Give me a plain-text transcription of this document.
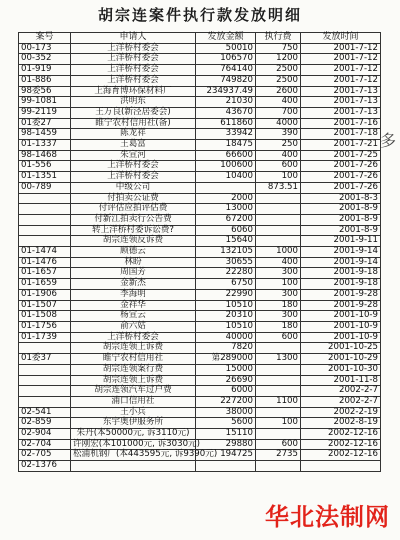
胡宗连案件执行款发放明细
案号	申请人	发放金额	执行费	发放时间
00-173	上洋桥村委会	50010	750	2001-7-12
00-352	上洋桥村委会	106570	1200	2001-7-12
01-919	上洋桥村委会	764140	2500	2001-7-12
01-886	上洋桥村委会	749820	2500	2001-7-12
98委56	上海育博环保材料厂	234937.49	2600	2001-7-13
99-1081	洪明东	21030	400	2001-7-13
99-2119	王万良(新泾居委会)	43670	700	2001-7-13
01委27	睢宁农村信用社(备)	611860	4000	2001-7-16
98-1459	陈龙祥	33942	390	2001-7-18
01-1337	王葛富	18475	250	2001-7-21
98-1468	朱宣河	66600	400	2001-7-25
01-556	上洋桥村委会	100600	600	2001-7-26
01-1351	上洋桥村委会	10400	100	2001-7-26
00-789	中级公司		873.51	2001-7-26
	付拍卖公证费	2000		2001-8-3
	付评估应拍评估费	13000		2001-8-9
	付新江拍卖行公告费	67200		2001-8-9
	转上洋桥村委诉讼费?	6060		2001-8-9
	胡宗连领反诉费	15640		2001-9-11
01-1474	顾德云	132105	1000	2001-9-14
01-1476	林盼	30655	400	2001-9-14
01-1657	周国芳	22280	300	2001-9-18
01-1659	金新杰	6750	100	2001-9-18
01-1906	李海明	22990	300	2001-9-28
01-1507	金祥华	10510	180	2001-9-28
01-1508	杨宣云	20310	300	2001-10-9
01-1756	俞六姑	10510	180	2001-10-9
01-1739	上洋桥村委会	40000	600	2001-10-9
	胡宗连领上诉费	7820		2001-10-25
01委37	睢宁农村信用社	第289000	1300	2001-10-29
	胡宗连领案行费	15000		2001-10-30
	胡宗连领上诉费	26690		2001-11-8
	胡宗连领汽车过户费	6000		2002-2-7
	浦口信用社	227200	1100	2002-2-7
02-541	王小兵	38000		2002-2-19
02-859	东宇奥伊服务所	5600	100	2002-8-19
02-904	朱丹(本50000元, 诉3110元)	15110		2002-12-16
02-704	许刚宏(本101000元, 诉3030元)	29880	600	2002-12-16
02-705	松浦机钢厂(本443595元, 诉9390元)	194725	2735	2002-12-16
02-1376				
多
华北法制网
